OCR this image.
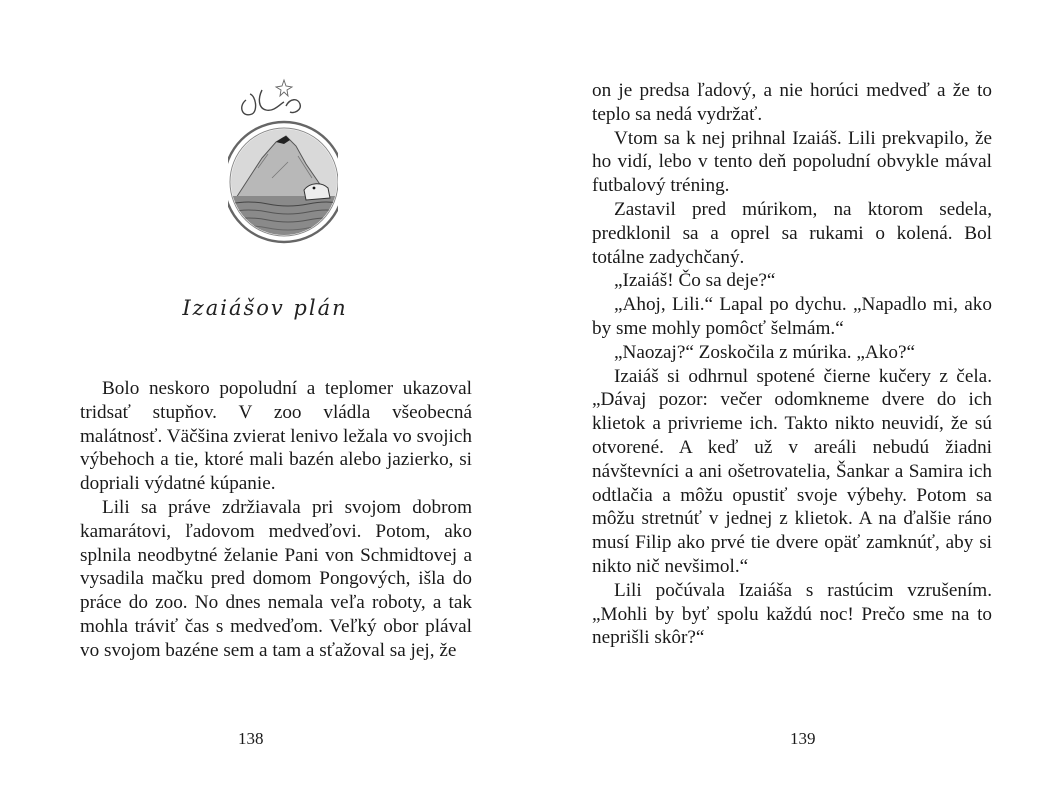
Izaiášov plán

Bolo neskoro popoludní a teplomer ukazoval tridsať stupňov. V zoo vládla všeobecná malátnosť. Väčšina zvierat lenivo ležala vo svojich výbehoch a tie, ktoré mali bazén alebo jazierko, si dopriali výdatné kúpanie.

Lili sa práve zdržiavala pri svojom dobrom kamarátovi, ľadovom medveďovi. Potom, ako splnila neodbytné želanie Pani von Schmidtovej a vysadila mačku pred domom Pongových, išla do práce do zoo. No dnes nemala veľa roboty, a tak mohla tráviť čas s medveďom. Veľký obor plával vo svojom bazéne sem a tam a sťažoval sa jej, že

138

on je predsa ľadový, a nie horúci medveď a že to teplo sa nedá vydržať.

Vtom sa k nej prihnal Izaiáš. Lili prekvapilo, že ho vidí, lebo v tento deň popoludní obvykle mával futbalový tréning.

Zastavil pred múrikom, na ktorom sedela, predklonil sa a oprel sa rukami o kolená. Bol totálne zadychčaný.

„Izaiáš! Čo sa deje?“

„Ahoj, Lili.“ Lapal po dychu. „Napadlo mi, ako by sme mohly pomôcť šelmám.“

„Naozaj?“ Zoskočila z múrika. „Ako?“

Izaiáš si odhrnul spotené čierne kučery z čela. „Dávaj pozor: večer odomkneme dvere do ich klietok a privrieme ich. Takto nikto neuvidí, že sú otvorené. A keď už v areáli nebudú žiadni návštevníci a ani ošetrovatelia, Šankar a Samira ich odtlačia a môžu opustiť svoje výbehy. Potom sa môžu stretnúť v jednej z klietok. A na ďalšie ráno musí Filip ako prvé tie dvere opäť zamknúť, aby si nikto nič nevšimol.“

Lili počúvala Izaiáša s rastúcim vzrušením. „Mohli by byť spolu každú noc! Prečo sme na to neprišli skôr?“

139
